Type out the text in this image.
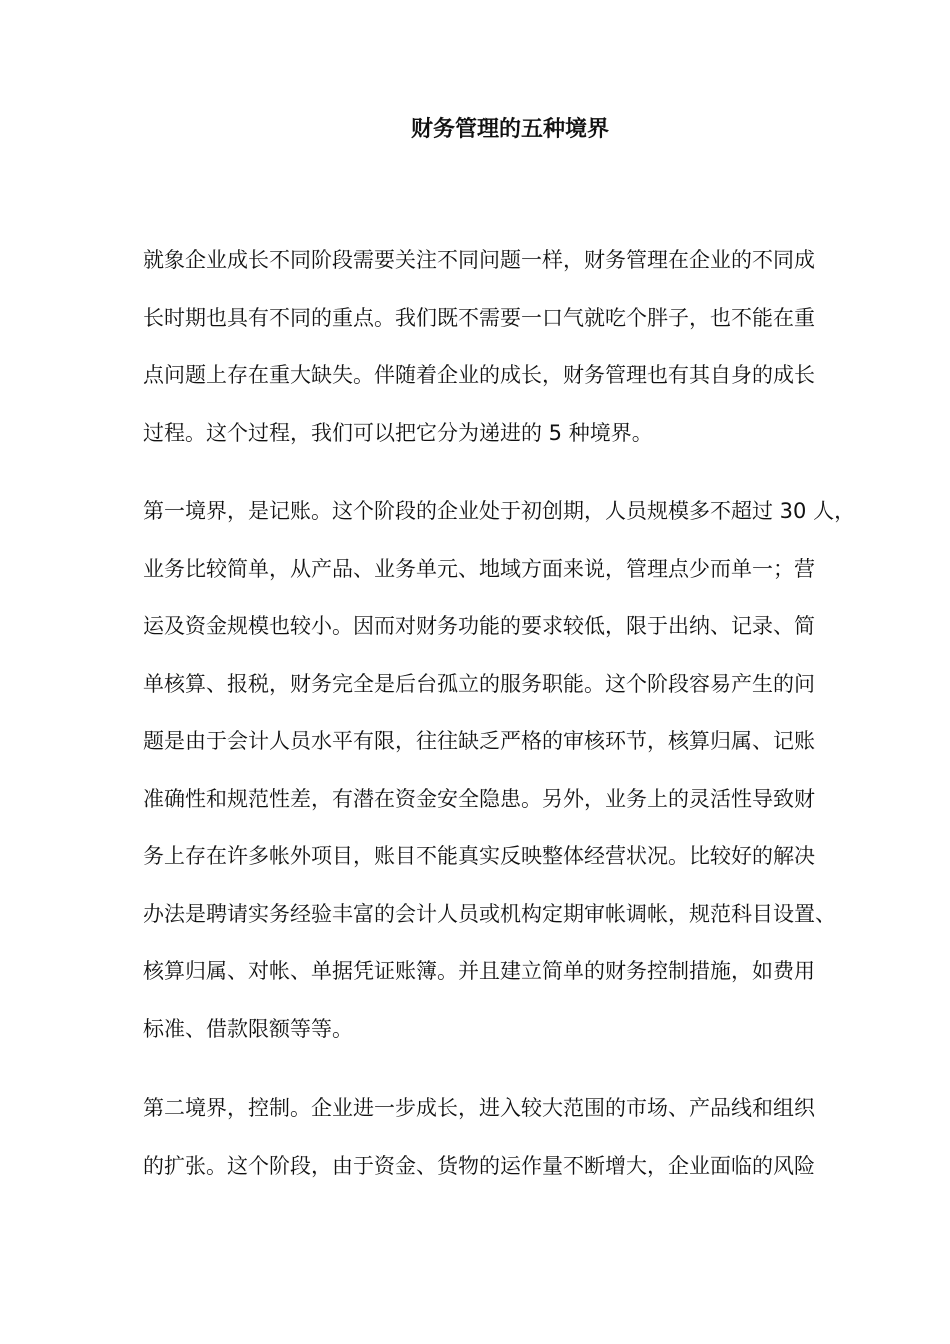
财务管理的五种境界

就象企业成长不同阶段需要关注不同问题一样，财务管理在企业的不同成
长时期也具有不同的重点。我们既不需要一口气就吃个胖子，也不能在重
点问题上存在重大缺失。伴随着企业的成长，财务管理也有其自身的成长
过程。这个过程，我们可以把它分为递进的 5 种境界。

第一境界，是记账。这个阶段的企业处于初创期，人员规模多不超过 30 人，
业务比较简单，从产品、业务单元、地域方面来说，管理点少而单一；营
运及资金规模也较小。因而对财务功能的要求较低，限于出纳、记录、简
单核算、报税，财务完全是后台孤立的服务职能。这个阶段容易产生的问
题是由于会计人员水平有限，往往缺乏严格的审核环节，核算归属、记账
准确性和规范性差，有潜在资金安全隐患。另外，业务上的灵活性导致财
务上存在许多帐外项目，账目不能真实反映整体经营状况。比较好的解决
办法是聘请实务经验丰富的会计人员或机构定期审帐调帐，规范科目设置、
核算归属、对帐、单据凭证账簿。并且建立简单的财务控制措施，如费用
标准、借款限额等等。

第二境界，控制。企业进一步成长，进入较大范围的市场、产品线和组织
的扩张。这个阶段，由于资金、货物的运作量不断增大，企业面临的风险
